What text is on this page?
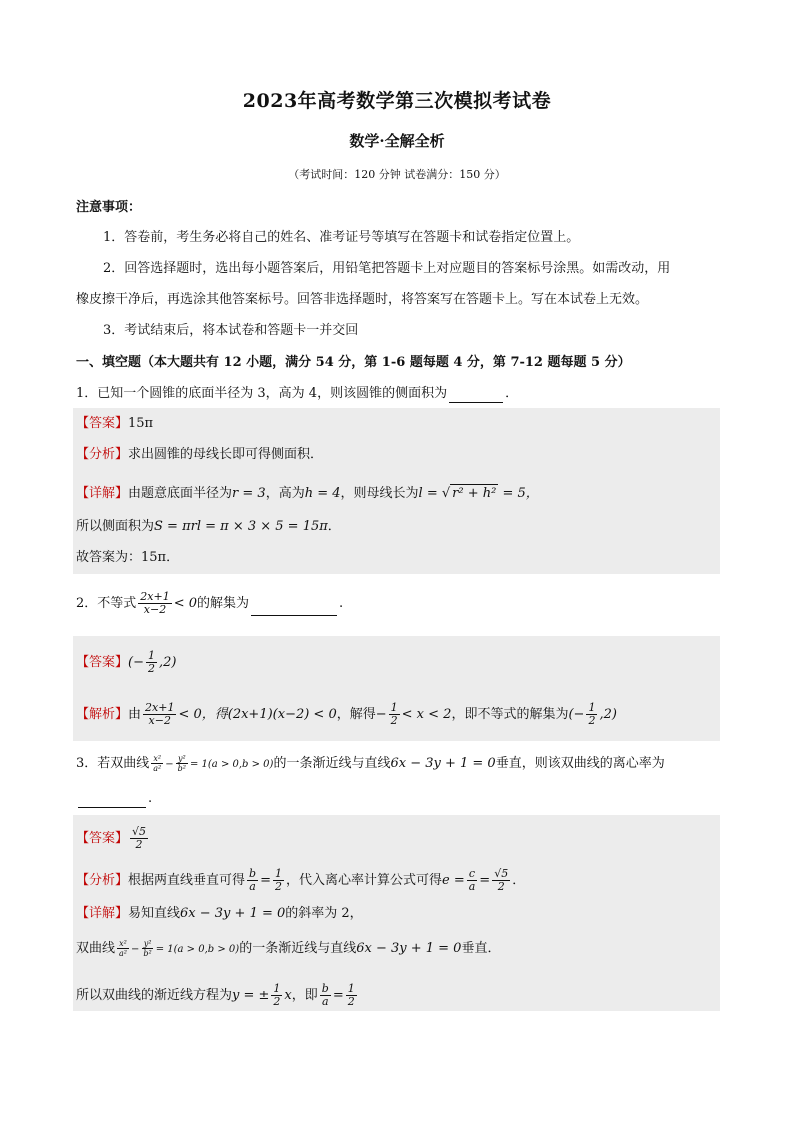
2023年高考数学第三次模拟考试卷
数学·全解全析
（考试时间：120 分钟 试卷满分：150 分）
注意事项：
1．答卷前，考生务必将自己的姓名、准考证号等填写在答题卡和试卷指定位置上。
2．回答选择题时，选出每小题答案后，用铅笔把答题卡上对应题目的答案标号涂黑。如需改动，用
橡皮擦干净后，再选涂其他答案标号。回答非选择题时，将答案写在答题卡上。写在本试卷上无效。
3．考试结束后，将本试卷和答题卡一并交回
一、填空题（本大题共有 12 小题，满分 54 分，第 1-6 题每题 4 分，第 7-12 题每题 5 分）
1．已知一个圆锥的底面半径为 3，高为 4，则该圆锥的侧面积为	．
【答案】15π
【分析】求出圆锥的母线长即可得侧面积．
【详解】由题意底面半径为r = 3，高为h = 4，则母线长为l = √ r² + h² = 5，
所以侧面积为S = πrl = π × 3 × 5 = 15π．
故答案为：15π．
2．不等式 $\frac{2x+1}{x-2} < 0$的解集为	.
【答案】(− $\frac{1}{2} ,2$)
【解析】由 $\frac{2x+1}{x-2} < 0$，得(2x+1)(x−2) < 0，解得− $\frac{1}{2} < x < 2$，即不等式的解集为(− $\frac{1}{2} ,2$)
3．若双曲线 $\frac{\text{x²}}{\text{a²}} - \frac{\text{y²}}{\text{b²}} = 1(a > 0,b > 0)$的一条渐近线与直线6x − 3y + 1 = 0垂直，则该双曲线的离心率为
.
【答案】 $\frac{√5}{2}$
【分析】根据两直线垂直可得 $\frac{b}{a} = \frac{1}{2}$ ，代入离心率计算公式可得$e = \frac{c}{a} = \frac{√5}{2}$ ．
【详解】易知直线6x − 3y + 1 = 0的斜率为 2，
双曲线 $\frac{\text{x²}}{\text{a²}} - \frac{\text{y²}}{\text{b²}} = 1(a > 0,b > 0)$的一条渐近线与直线6x − 3y + 1 = 0垂直．
所以双曲线的渐近线方程为y = ± $\frac{1}{2}$ x，即 $\frac{b}{a} = \frac{1}{2}$
